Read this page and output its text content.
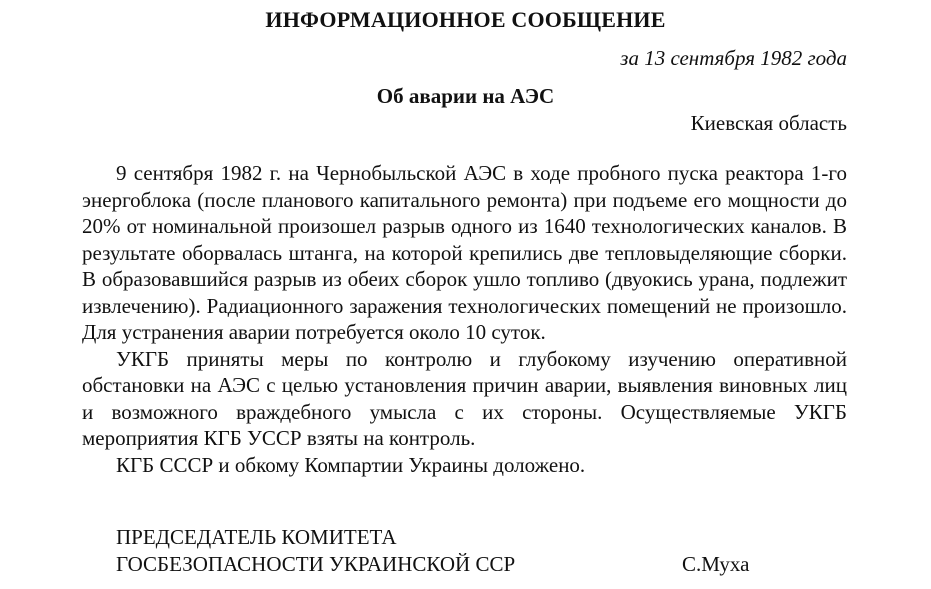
ИНФОРМАЦИОННОЕ СООБЩЕНИЕ
за 13 сентября 1982 года
Об аварии на АЭС
Киевская область

9 сентября 1982 г. на Чернобыльской АЭС в ходе пробного пуска реактора 1-го энергоблока (после планового капитального ремонта) при подъеме его мощности до 20% от номинальной произошел разрыв одного из 1640 технологических каналов. В результате оборвалась штанга, на которой крепились две тепловыделяющие сборки. В образовавшийся разрыв из обеих сборок ушло топливо (двуокись урана, подлежит извлечению). Радиационного заражения технологических помещений не произошло. Для устранения аварии потребуется около 10 суток.

УКГБ приняты меры по контролю и глубокому изучению оперативной обстановки на АЭС с целью установления причин аварии, выявления виновных лиц и возможного враждебного умысла с их стороны. Осуществляемые УКГБ мероприятия КГБ УССР взяты на контроль.

КГБ СССР и обкому Компартии Украины доложено.

ПРЕДСЕДАТЕЛЬ КОМИТЕТА
ГОСБЕЗОПАСНОСТИ УКРАИНСКОЙ ССР	С.Муха
